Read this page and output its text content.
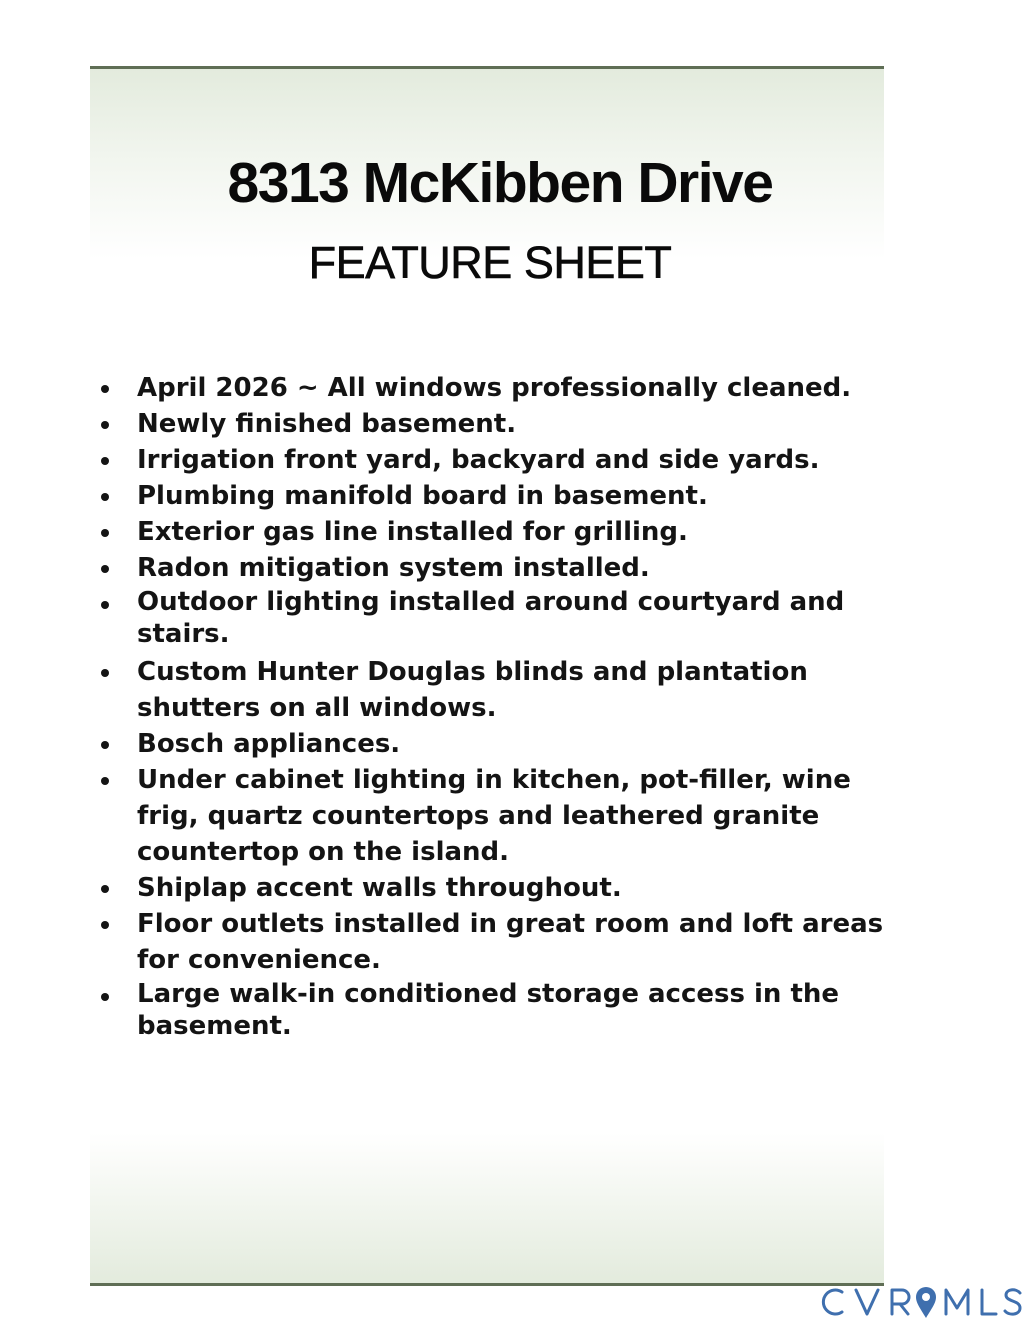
8313 McKibben Drive
FEATURE SHEET
April 2026 ~ All windows professionally cleaned.
Newly finished basement.
Irrigation front yard, backyard and side yards.
Plumbing manifold board in basement.
Exterior gas line installed for grilling.
Radon mitigation system installed.
Outdoor lighting installed around courtyard and stairs.
Custom Hunter Douglas blinds and plantation shutters on all windows.
Bosch appliances.
Under cabinet lighting in kitchen, pot-filler, wine frig, quartz countertops and leathered granite countertop on the island.
Shiplap accent walls throughout.
Floor outlets installed in great room and loft areas for convenience.
Large walk-in conditioned storage access in the basement.
